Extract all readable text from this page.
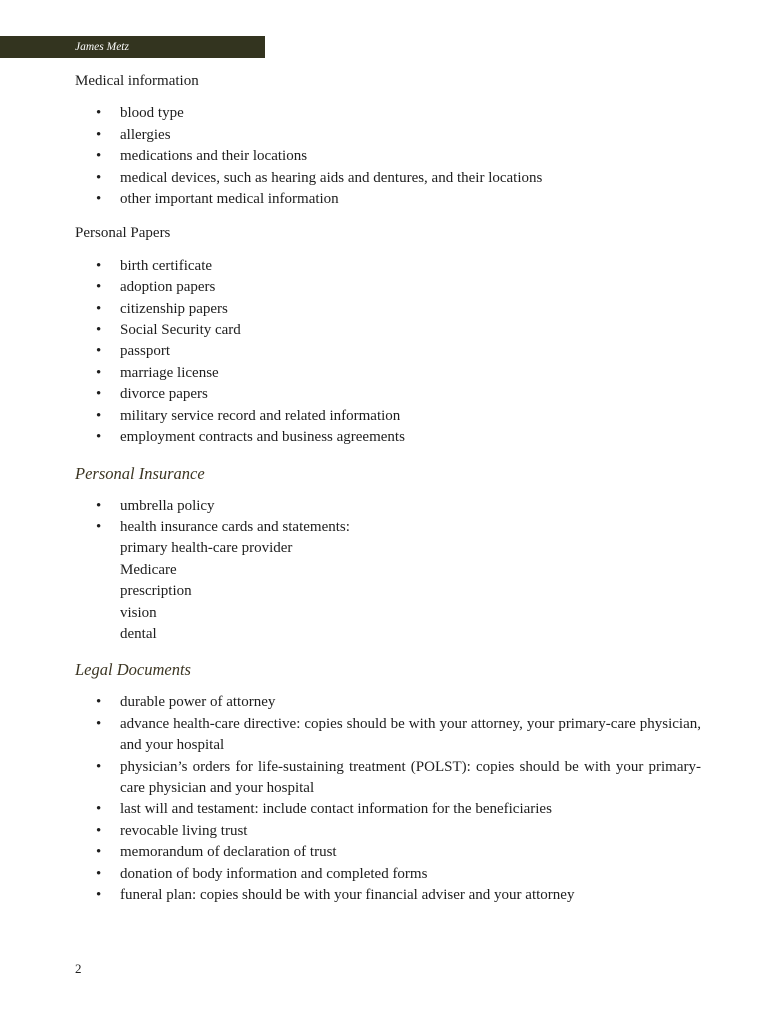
James Metz
Medical information
• blood type
• allergies
• medications and their locations
• medical devices, such as hearing aids and dentures, and their locations
• other important medical information
Personal Papers
• birth certificate
• adoption papers
• citizenship papers
• Social Security card
• passport
• marriage license
• divorce papers
• military service record and related information
• employment contracts and business agreements
Personal Insurance
• umbrella policy
• health insurance cards and statements:
primary health-care provider
Medicare
prescription
vision
dental
Legal Documents
• durable power of attorney
• advance health-care directive: copies should be with your attorney, your primary-care physician, and your hospital
• physician’s orders for life-sustaining treatment (POLST): copies should be with your primary-care physician and your hospital
• last will and testament: include contact information for the beneficiaries
• revocable living trust
• memorandum of declaration of trust
• donation of body information and completed forms
• funeral plan: copies should be with your financial adviser and your attorney
2
